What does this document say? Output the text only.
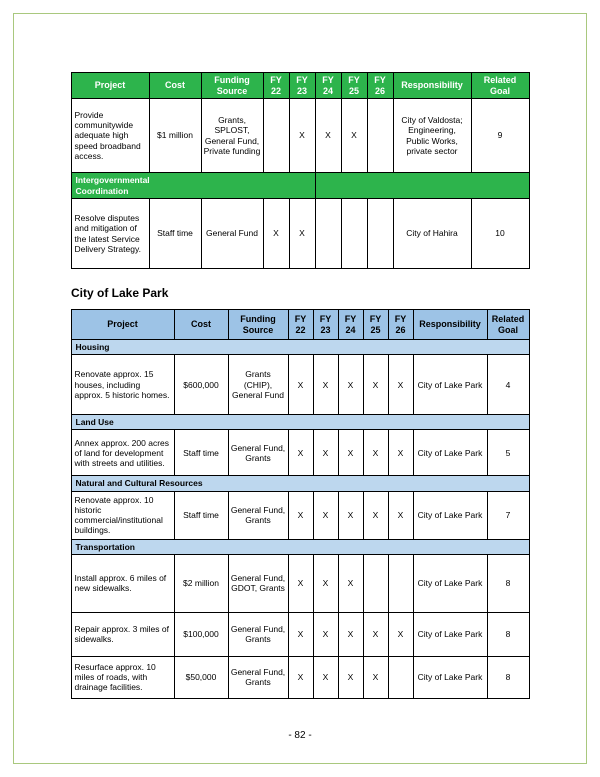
Project	Cost	Funding Source	FY 22	FY 23	FY 24	FY 25	FY 26	Responsibility	Related Goal
Provide communitywide adequate high speed broadband access.	$1 million	Grants, SPLOST, General Fund, Private funding		X	X	X		City of Valdosta; Engineering, Public Works, private sector	9

Intergovernmental Coordination									

Resolve disputes and mitigation of the latest Service Delivery Strategy.	Staff time	General Fund	X	X				City of Hahira	10
City of Lake Park
Project	Cost	Funding Source	FY 22	FY 23	FY 24	FY 25	FY 26	Responsibility	Related Goal
Housing									
Renovate approx. 15 houses, including approx. 5 historic homes.	$600,000	Grants (CHIP), General Fund	X	X	X	X	X	City of Lake Park	4
Land Use									
Annex approx. 200 acres of land for development with streets and utilities.	Staff time	General Fund, Grants	X	X	X	X	X	City of Lake Park	5
Natural and Cultural Resources									
Renovate approx. 10 historic commercial/institutional buildings.	Staff time	General Fund, Grants	X	X	X	X	X	City of Lake Park	7
Transportation									
Install approx. 6 miles of new sidewalks.	$2 million	General Fund, GDOT, Grants	X	X	X			City of Lake Park	8
Repair approx. 3 miles of sidewalks.	$100,000	General Fund, Grants	X	X	X	X	X	City of Lake Park	8
Resurface approx. 10 miles of roads, with drainage facilities.	$50,000	General Fund, Grants	X	X	X	X		City of Lake Park	8
- 82 -
